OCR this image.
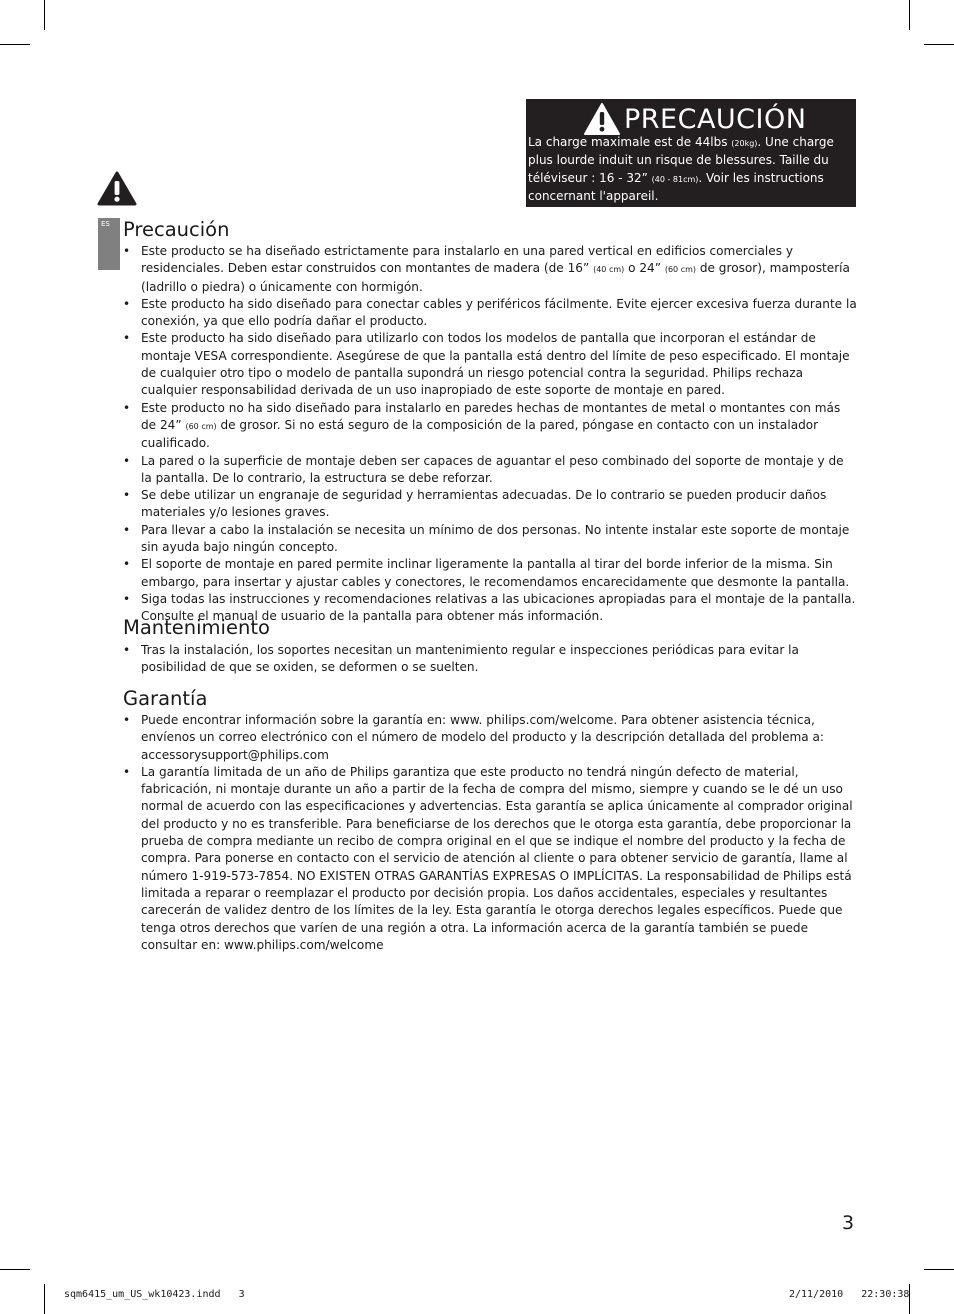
PRECAUCIÓN
La charge maximale est de 44lbs (20kg). Une charge plus lourde induit un risque de blessures. Taille du téléviseur : 16 - 32” (40 - 81cm). Voir les instructions concernant l'appareil.
ES Precaución
• Este producto se ha diseñado estrictamente para instalarlo en una pared vertical en edificios comerciales y residenciales. Deben estar construidos con montantes de madera (de 16” (40 cm) o 24” (60 cm) de grosor), mampostería (ladrillo o piedra) o únicamente con hormigón.
• Este producto ha sido diseñado para conectar cables y periféricos fácilmente. Evite ejercer excesiva fuerza durante la conexión, ya que ello podría dañar el producto.
• Este producto ha sido diseñado para utilizarlo con todos los modelos de pantalla que incorporan el estándar de montaje VESA correspondiente. Asegúrese de que la pantalla está dentro del límite de peso especificado. El montaje de cualquier otro tipo o modelo de pantalla supondrá un riesgo potencial contra la seguridad. Philips rechaza cualquier responsabilidad derivada de un uso inapropiado de este soporte de montaje en pared.
• Este producto no ha sido diseñado para instalarlo en paredes hechas de montantes de metal o montantes con más de 24” (60 cm) de grosor. Si no está seguro de la composición de la pared, póngase en contacto con un instalador cualificado.
• La pared o la superficie de montaje deben ser capaces de aguantar el peso combinado del soporte de montaje y de la pantalla. De lo contrario, la estructura se debe reforzar.
• Se debe utilizar un engranaje de seguridad y herramientas adecuadas. De lo contrario se pueden producir daños materiales y/o lesiones graves.
• Para llevar a cabo la instalación se necesita un mínimo de dos personas. No intente instalar este soporte de montaje sin ayuda bajo ningún concepto.
• El soporte de montaje en pared permite inclinar ligeramente la pantalla al tirar del borde inferior de la misma. Sin embargo, para insertar y ajustar cables y conectores, le recomendamos encarecidamente que desmonte la pantalla.
• Siga todas las instrucciones y recomendaciones relativas a las ubicaciones apropiadas para el montaje de la pantalla. Consulte el manual de usuario de la pantalla para obtener más información.
Mantenimiento
• Tras la instalación, los soportes necesitan un mantenimiento regular e inspecciones periódicas para evitar la posibilidad de que se oxiden, se deformen o se suelten.
Garantía
• Puede encontrar información sobre la garantía en: www. philips.com/welcome. Para obtener asistencia técnica, envíenos un correo electrónico con el número de modelo del producto y la descripción detallada del problema a: accessorysupport@philips.com
• La garantía limitada de un año de Philips garantiza que este producto no tendrá ningún defecto de material, fabricación, ni montaje durante un año a partir de la fecha de compra del mismo, siempre y cuando se le dé un uso normal de acuerdo con las especificaciones y advertencias. Esta garantía se aplica únicamente al comprador original del producto y no es transferible. Para beneficiarse de los derechos que le otorga esta garantía, debe proporcionar la prueba de compra mediante un recibo de compra original en el que se indique el nombre del producto y la fecha de compra. Para ponerse en contacto con el servicio de atención al cliente o para obtener servicio de garantía, llame al número 1-919-573-7854. NO EXISTEN OTRAS GARANTÍAS EXPRESAS O IMPLÍCITAS. La responsabilidad de Philips está limitada a reparar o reemplazar el producto por decisión propia. Los daños accidentales, especiales y resultantes carecerán de validez dentro de los límites de la ley. Esta garantía le otorga derechos legales específicos. Puede que tenga otros derechos que varíen de una región a otra. La información acerca de la garantía también se puede consultar en: www.philips.com/welcome
3
sqm6415_um_US_wk10423.indd   3	2/11/2010   22:30:38
